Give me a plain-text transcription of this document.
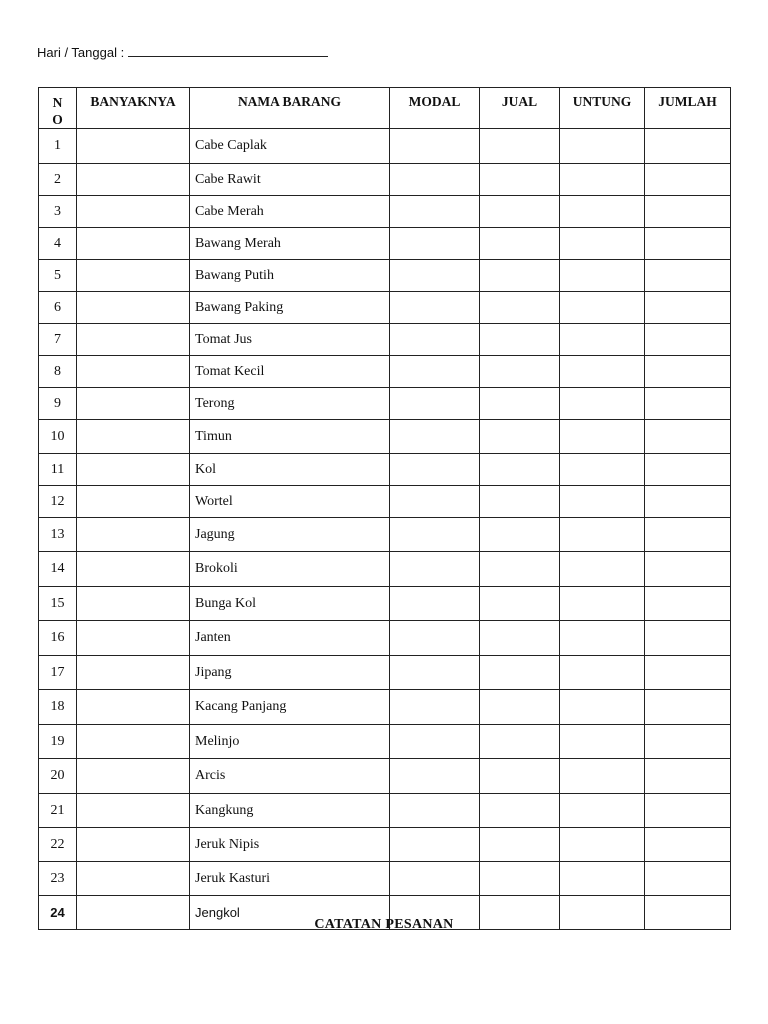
Hari / Tanggal :
N
O	BANYAKNYA	NAMA BARANG	MODAL	JUAL	UNTUNG	JUMLAH
1		Cabe Caplak				
2		Cabe Rawit				
3		Cabe Merah				
4		Bawang Merah				
5		Bawang Putih				
6		Bawang Paking				
7		Tomat Jus				
8		Tomat Kecil				
9		Terong				
10		Timun				
11		Kol				
12		Wortel				
13		Jagung				
14		Brokoli				
15		Bunga Kol				
16		Janten				
17		Jipang				
18		Kacang Panjang				
19		Melinjo				
20		Arcis				
21		Kangkung				
22		Jeruk Nipis				
23		Jeruk Kasturi				
24		Jengkol				
CATATAN PESANAN
